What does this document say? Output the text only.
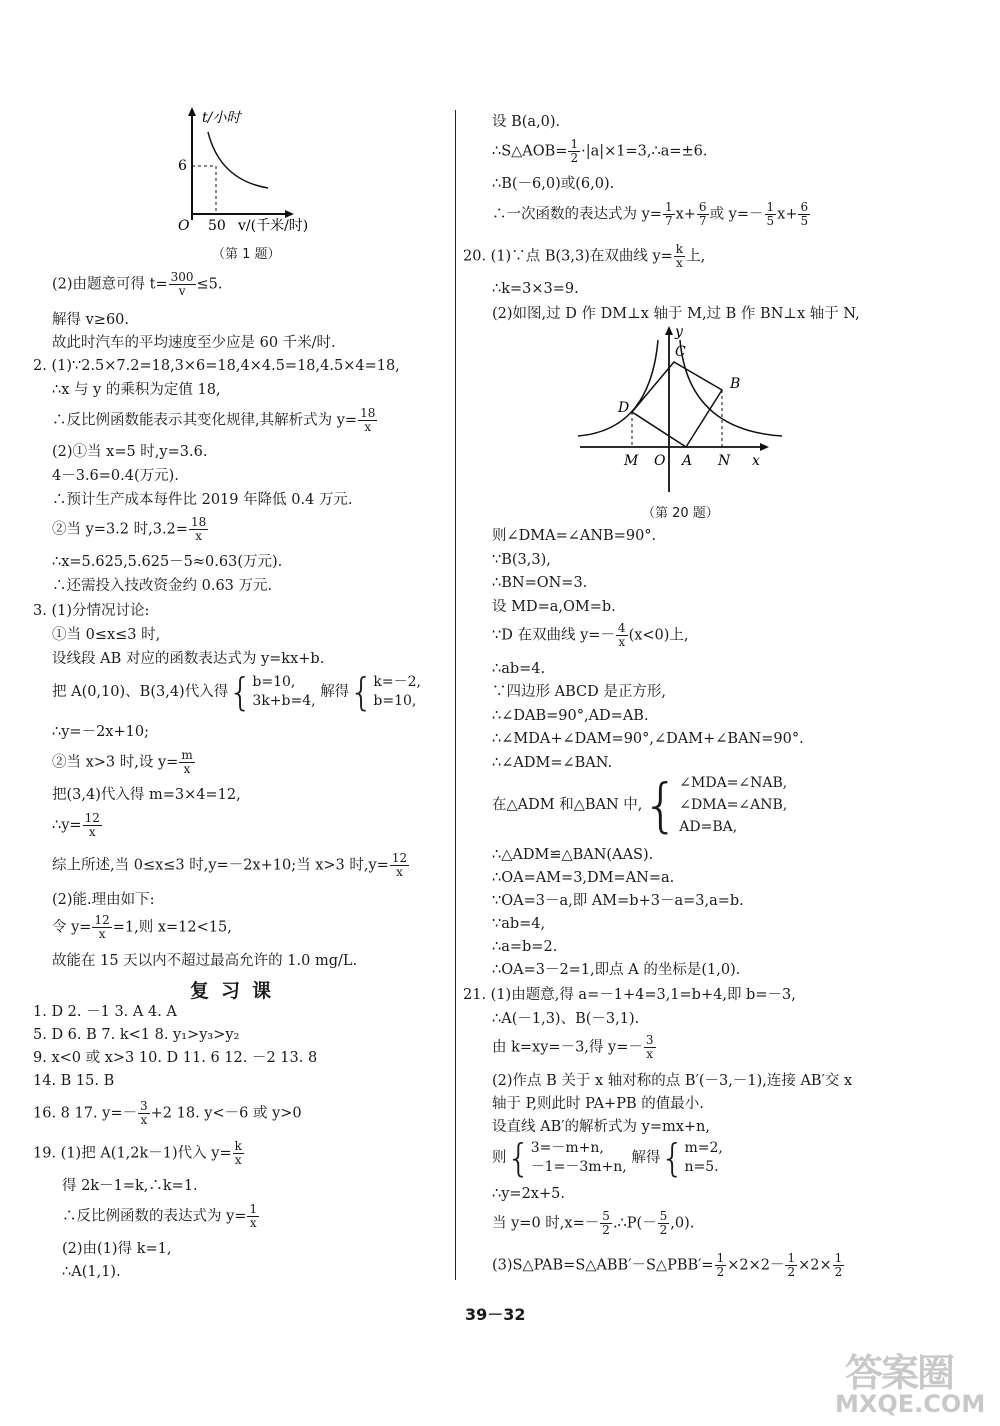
t/小时
6
O 50 v/(千米/时)
（第 1 题）
(2)由题意可得 $t= \frac{300}{v} \le 5$.
解得 v≥60.
故此时汽车的平均速度至少应是 60 千米/时.
2. (1)∵2.5×7.2=18,3×6=18,4×4.5=18,4.5×4=18,
∴x 与 y 的乘积为定值 18,
∴反比例函数能表示其变化规律,其解析式为 $y= \frac{18}{x}$
(2)①当 x=5 时,y=3.6.
4－3.6=0.4(万元).
∴预计生产成本每件比 2019 年降低 0.4 万元.
②当 y=3.2 时$,3.2= \frac{18}{x}$
∴x=5.625,5.625－5≈0.63(万元).
∴还需投入技改资金约 0.63 万元.
3. (1)分情况讨论:
①当 0≤x≤3 时,
设线段 AB 对应的函数表达式为 y=kx+b.
把 A(0,10)、B(3,4)代入得{b=10,
3k+b=4, 解得{k=－2,
b=10,
∴y=－2x+10;
②当 x>3 时,设 $y= \frac{m}{x}$
把(3,4)代入得 m=3×4=12,
∴y= $\frac{12}{x}$
综上所述,当 0≤x≤3 时,y=－2x+10;当 x>3 时$,y= \frac{12}{x}$
(2)能.理由如下:
令 $y= \frac{12}{x} =1$,则 x=12<15,
故能在 15 天以内不超过最高允许的 1.0 mg/L.
复习课
1. D 2. －1 3. A 4. A
5. D 6. B 7. k<1 8. y₁>y₃>y₂
9. x<0 或 x>3 10. D 11. 6 12. －2 13. 8
14. B 15. B
16. 8 17. $y=- \frac{3}{x} +2$ 18. y<－6 或 y>0
19. (1)把 A(1,2k－1)代入 $y= \frac{k}{x}$
得 2k－1=k,∴k=1.
∴反比例函数的表达式为 $y= \frac{1}{x}$
(2)由(1)得 k=1,
∴A(1,1).
设 B(a,0).
∴S△AOB= $\frac{1}{2}$ ·|a|×1=3,∴a=±6.
∴B(－6,0)或(6,0).
∴一次函数的表达式为 $y= \frac{1}{7} x+ \frac{6}{7}$ 或 $y=- \frac{1}{5} x+ \frac{6}{5}$
20. (1)∵点 B(3,3)在双曲线 $y= \frac{k}{x}$ 上,
∴k=3×3=9.
(2)如图,过 D 作 DM⊥x 轴于 M,过 B 作 BN⊥x 轴于 N,
y
C
B
D
M O A N x
（第 20 题）
则∠DMA=∠ANB=90°.
∵B(3,3),
∴BN=ON=3.
设 MD=a,OM=b.
∵D 在双曲线 $y=- \frac{4}{x} (x<0)$上,
∴ab=4.
∵四边形 ABCD 是正方形,
∴∠DAB=90°,AD=AB.
∴∠MDA+∠DAM=90°,∠DAM+∠BAN=90°.
∴∠ADM=∠BAN.
在△ADM 和△BAN 中,{∠MDA=∠NAB,
∠DMA=∠ANB,
AD=BA,
∴△ADM≌△BAN(AAS).
∴OA=AM=3,DM=AN=a.
∵OA=3－a,即 AM=b+3－a=3,a=b.
∵ab=4,
∴a=b=2.
∴OA=3－2=1,即点 A 的坐标是(1,0).
21. (1)由题意,得 a=－1+4=3,1=b+4,即 b=－3,
∴A(－1,3)、B(－3,1).
由 k=xy=－3,得 $y=- \frac{3}{x}$
(2)作点 B 关于 x 轴对称的点 B′(－3,－1),连接 AB′交 x
轴于 P,则此时 PA+PB 的值最小.
设直线 AB′的解析式为 y=mx+n,
则{3=－m+n,
－1=－3m+n, 解得{m=2,
n=5.
∴y=2x+5.
当 y=0 时$,x=- \frac{5}{2}$ .∴P(－ $\frac{5}{2} ,0$).
(3)S△PAB=S△ABB′－S△PBB′= $\frac{1}{2} \times 2\times 2- \frac{1}{2} \times 2\times \frac{1}{2}$
39－32
答案圈
MXQE.COM
